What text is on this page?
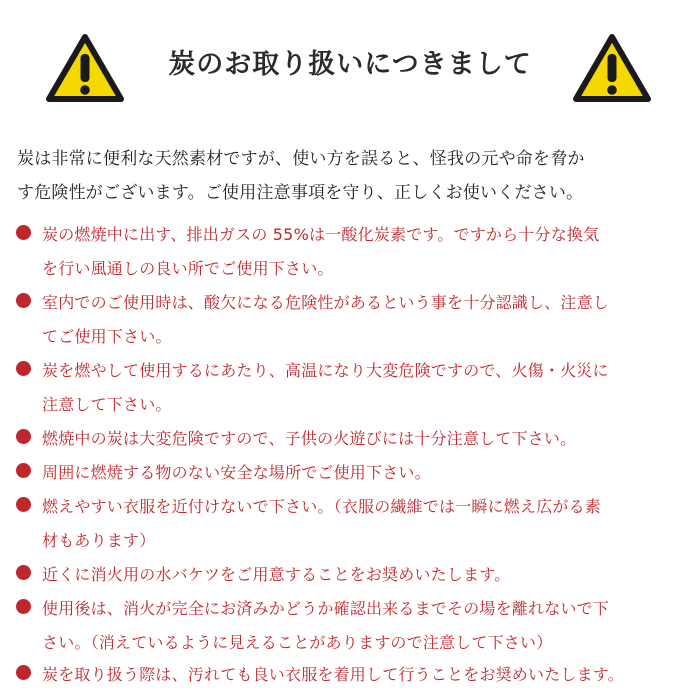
炭のお取り扱いにつきまして
炭は非常に便利な天然素材ですが、使い方を誤ると、怪我の元や命を脅か
す危険性がございます。ご使用注意事項を守り、正しくお使いください。
炭の燃焼中に出す、排出ガスの 55%は一酸化炭素です。ですから十分な換気
を行い風通しの良い所でご使用下さい。
室内でのご使用時は、酸欠になる危険性があるという事を十分認識し、注意し
てご使用下さい。
炭を燃やして使用するにあたり、高温になり大変危険ですので、火傷・火災に
注意して下さい。
燃焼中の炭は大変危険ですので、子供の火遊びには十分注意して下さい。
周囲に燃焼する物のない安全な場所でご使用下さい。
燃えやすい衣服を近付けないで下さい。（衣服の繊維では一瞬に燃え広がる素
材もあります）
近くに消火用の水バケツをご用意することをお奨めいたします。
使用後は、消火が完全にお済みかどうか確認出来るまでその場を離れないで下
さい。（消えているように見えることがありますので注意して下さい）
炭を取り扱う際は、汚れても良い衣服を着用して行うことをお奨めいたします。
